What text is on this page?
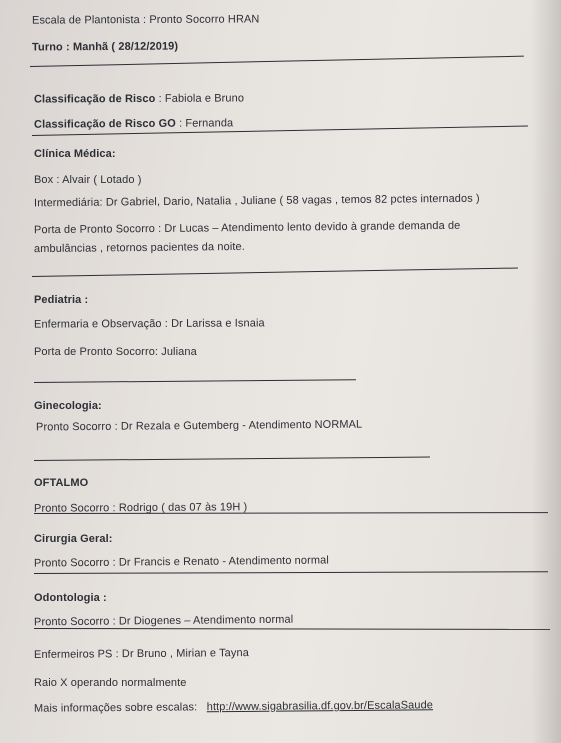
Escala de Plantonista : Pronto Socorro HRAN
Turno : Manhã ( 28/12/2019)
Classificação de Risco : Fabiola e Bruno
Classificação de Risco GO : Fernanda
Clínica Médica:
Box : Alvair ( Lotado )
Intermediária: Dr Gabriel, Dario, Natalia , Juliane ( 58 vagas , temos 82 pctes internados )
Porta de Pronto Socorro : Dr Lucas – Atendimento lento devido à grande demanda de
ambulâncias , retornos pacientes da noite.
Pediatria :
Enfermaria e Observação : Dr Larissa e Isnaia
Porta de Pronto Socorro: Juliana
Ginecologia:
Pronto Socorro : Dr Rezala e Gutemberg - Atendimento NORMAL
OFTALMO
Pronto Socorro : Rodrigo ( das 07 às 19H )
Cirurgia Geral:
Pronto Socorro : Dr Francis e Renato - Atendimento normal
Odontologia :
Pronto Socorro : Dr Diogenes – Atendimento normal
Enfermeiros PS : Dr Bruno , Mirian e Tayna
Raio X operando normalmente
Mais informações sobre escalas: http://www.sigabrasilia.df.gov.br/EscalaSaude
